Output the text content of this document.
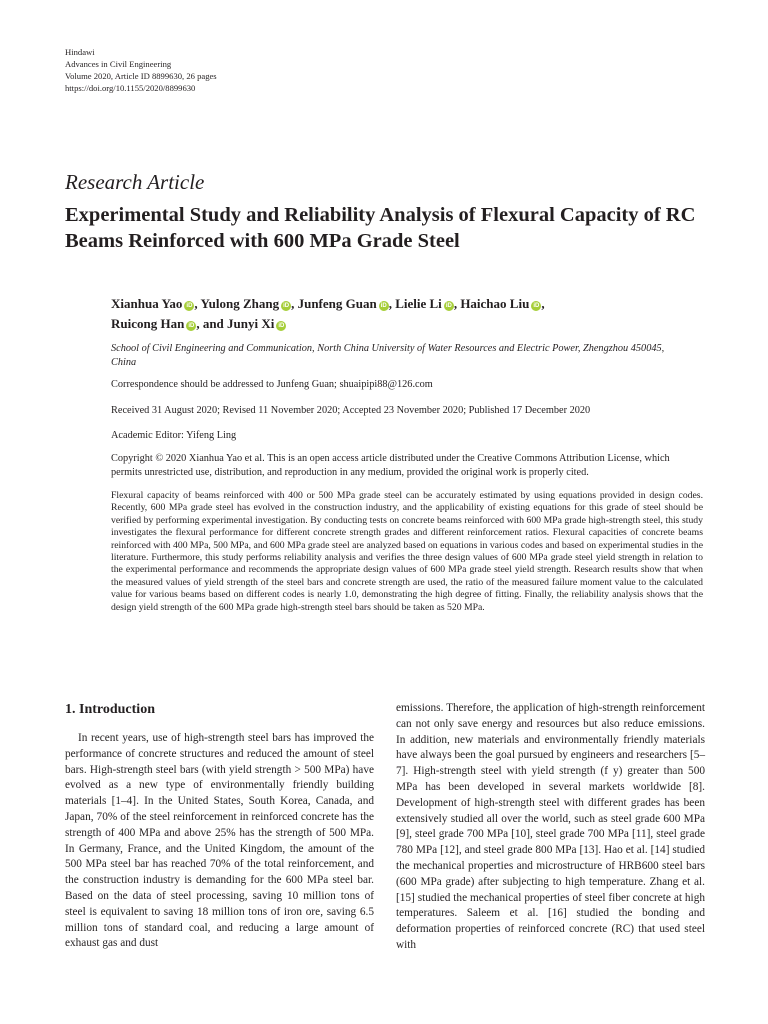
Hindawi
Advances in Civil Engineering
Volume 2020, Article ID 8899630, 26 pages
https://doi.org/10.1155/2020/8899630
Research Article
Experimental Study and Reliability Analysis of Flexural Capacity of RC Beams Reinforced with 600 MPa Grade Steel
Xianhua Yao iD , Yulong Zhang iD , Junfeng Guan iD , Lielie Li iD , Haichao Liu iD ,
Ruicong Han iD , and Junyi Xi iD
School of Civil Engineering and Communication, North China University of Water Resources and Electric Power, Zhengzhou 450045, China
Correspondence should be addressed to Junfeng Guan; shuaipipi88@126.com
Received 31 August 2020; Revised 11 November 2020; Accepted 23 November 2020; Published 17 December 2020
Academic Editor: Yifeng Ling
Copyright © 2020 Xianhua Yao et al. This is an open access article distributed under the Creative Commons Attribution License, which permits unrestricted use, distribution, and reproduction in any medium, provided the original work is properly cited.
Flexural capacity of beams reinforced with 400 or 500 MPa grade steel can be accurately estimated by using equations provided in design codes. Recently, 600 MPa grade steel has evolved in the construction industry, and the applicability of existing equations for this grade of steel should be verified by performing experimental investigation. By conducting tests on concrete beams reinforced with 600 MPa grade high-strength steel, this study investigates the flexural performance for different concrete strength grades and different reinforcement ratios. Flexural capacities of concrete beams reinforced with 400 MPa, 500 MPa, and 600 MPa grade steel are analyzed based on equations in various codes and based on experimental studies in the literature. Furthermore, this study performs reliability analysis and verifies the three design values of 600 MPa grade steel yield strength in relation to the experimental performance and recommends the appropriate design values of 600 MPa grade steel yield strength. Research results show that when the measured values of yield strength of the steel bars and concrete strength are used, the ratio of the measured failure moment value to the calculated value for various beams based on different codes is nearly 1.0, demonstrating the high degree of fitting. Finally, the reliability analysis shows that the design yield strength of the 600 MPa grade high-strength steel bars should be taken as 520 MPa.
1. Introduction
In recent years, use of high-strength steel bars has improved the performance of concrete structures and reduced the amount of steel bars. High-strength steel bars (with yield strength > 500 MPa) have evolved as a new type of environmentally friendly building materials [1–4]. In the United States, South Korea, Canada, and Japan, 70% of the steel reinforcement in reinforced concrete has the strength of 400 MPa and above 25% has the strength of 500 MPa. In Germany, France, and the United Kingdom, the amount of the 500 MPa steel bar has reached 70% of the total reinforcement, and the construction industry is demanding for the 600 MPa steel bar. Based on the data of steel processing, saving 10 million tons of steel is equivalent to saving 18 million tons of iron ore, saving 6.5 million tons of standard coal, and reducing a large amount of exhaust gas and dust
emissions. Therefore, the application of high-strength reinforcement can not only save energy and resources but also reduce emissions. In addition, new materials and environmentally friendly materials have always been the goal pursued by engineers and researchers [5–7]. High-strength steel with yield strength (f y) greater than 500 MPa has been developed in several markets worldwide [8]. Development of high-strength steel with different grades has been extensively studied all over the world, such as steel grade 600 MPa [9], steel grade 700 MPa [10], steel grade 700 MPa [11], steel grade 780 MPa [12], and steel grade 800 MPa [13]. Hao et al. [14] studied the mechanical properties and microstructure of HRB600 steel bars (600 MPa grade) after subjecting to high temperature. Zhang et al. [15] studied the mechanical properties of steel fiber concrete at high temperatures. Saleem et al. [16] studied the bonding and deformation properties of reinforced concrete (RC) that used steel with
